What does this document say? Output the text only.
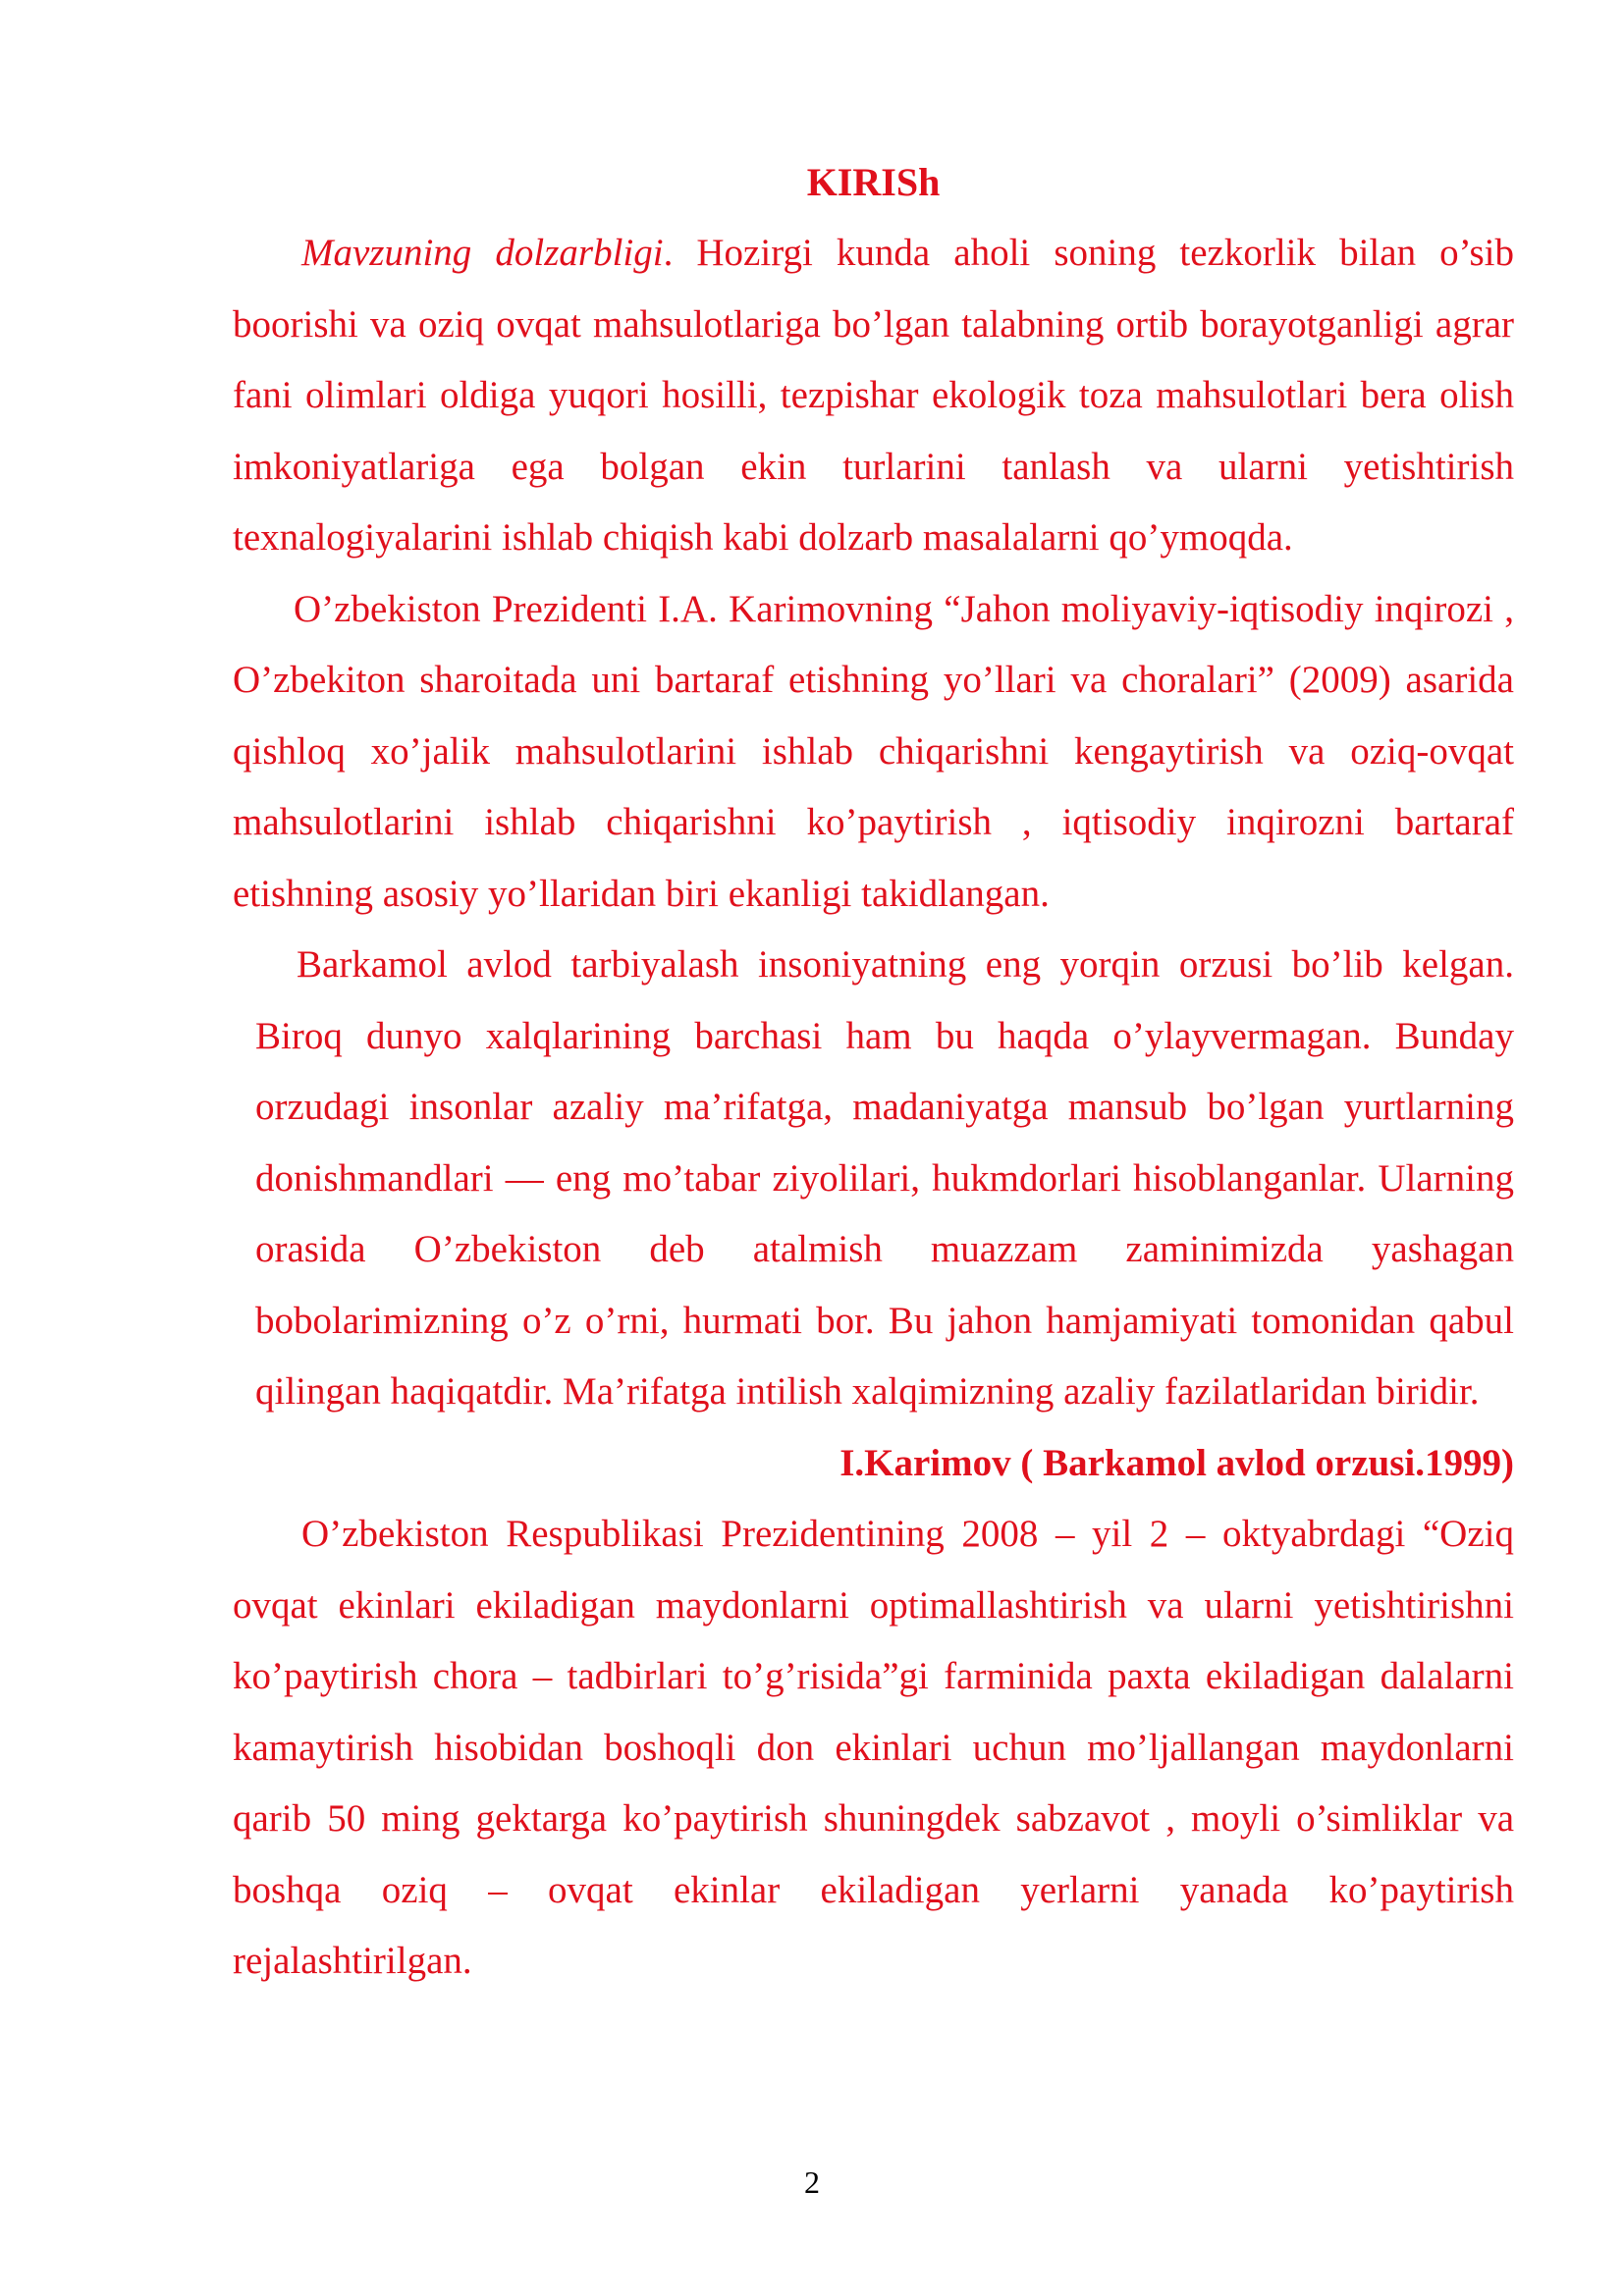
KIRISh

Mavzuning dolzarbligi. Hozirgi kunda aholi soning tezkorlik bilan o’sib boorishi va oziq ovqat mahsulotlariga bo’lgan talabning ortib borayotganligi agrar fani olimlari oldiga yuqori hosilli, tezpishar ekologik toza mahsulotlari bera olish imkoniyatlariga ega bolgan ekin turlarini tanlash va ularni yetishtirish texnalogiyalarini ishlab chiqish kabi dolzarb masalalarni qo’ymoqda.

O’zbekiston Prezidenti I.A. Karimovning “Jahon moliyaviy-iqtisodiy inqirozi , O’zbekiton sharoitada uni bartaraf etishning yo’llari va choralari” (2009) asarida qishloq xo’jalik mahsulotlarini ishlab chiqarishni kengaytirish va oziq-ovqat mahsulotlarini ishlab chiqarishni ko’paytirish , iqtisodiy inqirozni bartaraf etishning asosiy yo’llaridan biri ekanligi takidlangan.

Barkamol avlod tarbiyalash insoniyatning eng yorqin orzusi bo’lib kelgan. Biroq dunyo xalqlarining barchasi ham bu haqda o’ylayvermagan. Bunday orzudagi insonlar azaliy ma’rifatga, madaniyatga mansub bo’lgan yurtlarning donishmandlari — eng mo’tabar ziyolilari, hukmdorlari hisoblanganlar. Ularning orasida O’zbekiston deb atalmish muazzam zaminimizda yashagan bobolarimizning o’z o’rni, hurmati bor. Bu jahon hamjamiyati tomonidan qabul qilingan haqiqatdir. Ma’rifatga intilish xalqimizning azaliy fazilatlaridan biridir.

I.Karimov ( Barkamol avlod orzusi.1999)

O’zbekiston Respublikasi Prezidentining 2008 – yil 2 – oktyabrdagi “Oziq ovqat ekinlari ekiladigan maydonlarni optimallashtirish va ularni yetishtirishni ko’paytirish chora – tadbirlari to’g’risida”gi farminida paxta ekiladigan dalalarni kamaytirish hisobidan boshoqli don ekinlari uchun mo’ljallangan maydonlarni qarib 50 ming gektarga ko’paytirish shuningdek sabzavot , moyli o’simliklar va boshqa oziq – ovqat ekinlar ekiladigan yerlarni yanada ko’paytirish rejalashtirilgan.

2
